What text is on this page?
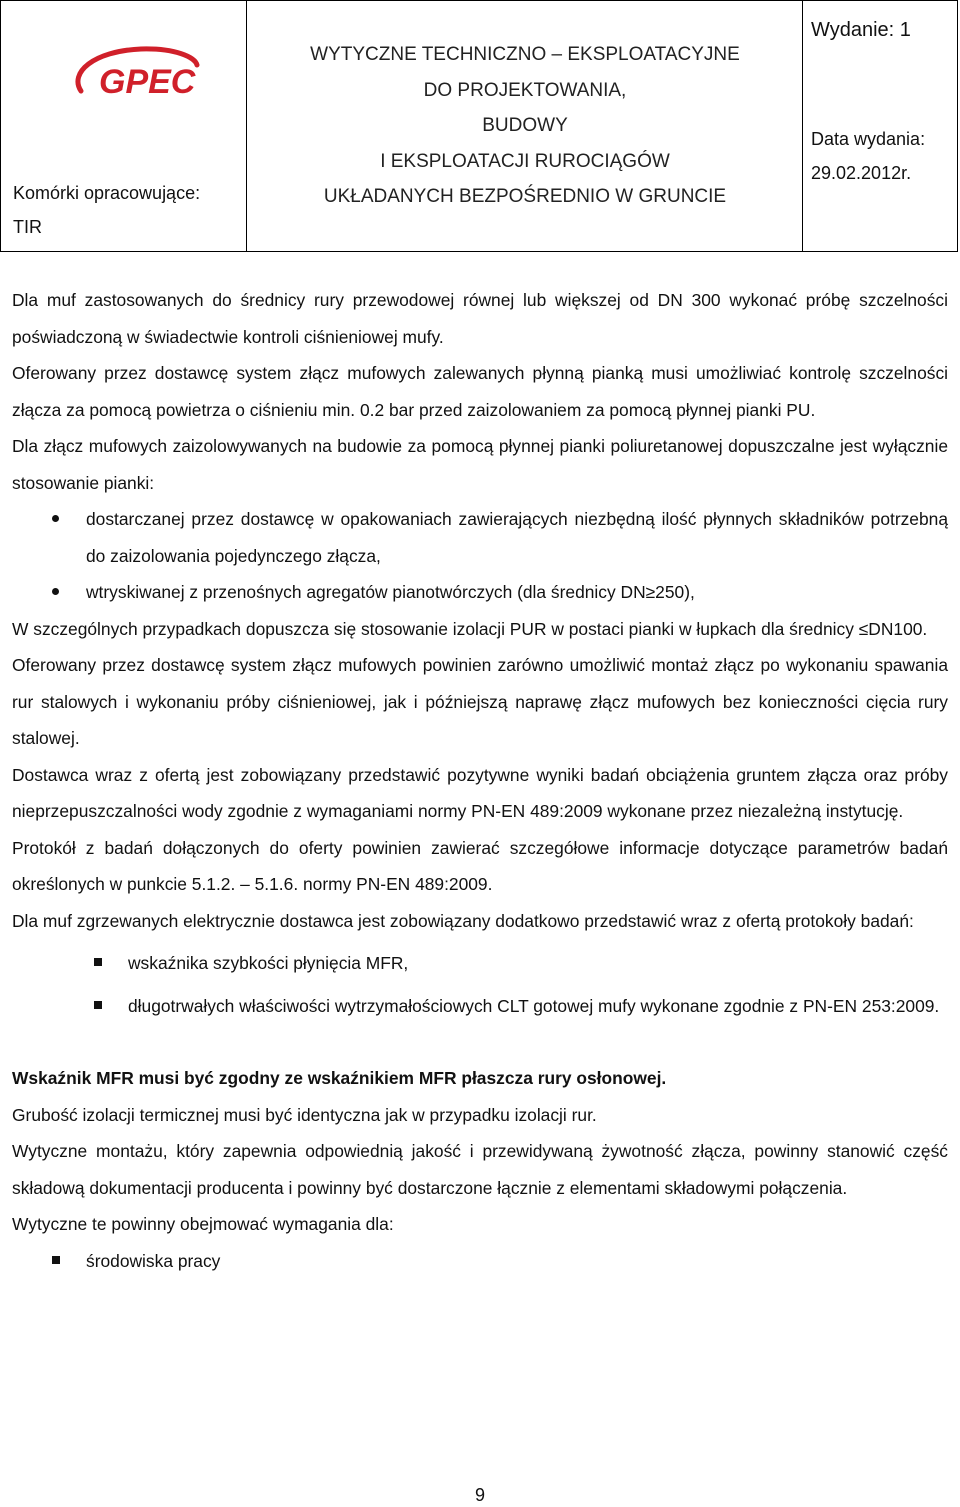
GPEC
Komórki opracowujące:
TIR
WYTYCZNE TECHNICZNO – EKSPLOATACYJNE
DO PROJEKTOWANIA,
BUDOWY
I EKSPLOATACJI RUROCIĄGÓW
UKŁADANYCH BEZPOŚREDNIO W GRUNCIE
Wydanie: 1
Data wydania:
29.02.2012r.

Dla muf zastosowanych do średnicy rury przewodowej równej lub większej od DN 300 wykonać próbę szczelności poświadczoną w świadectwie kontroli ciśnieniowej mufy.

Oferowany przez dostawcę system złącz mufowych zalewanych płynną pianką musi umożliwiać kontrolę szczelności złącza za pomocą powietrza o ciśnieniu min. 0.2 bar przed zaizolowaniem za pomocą płynnej pianki PU.

Dla złącz mufowych zaizolowywanych na budowie za pomocą płynnej pianki poliuretanowej dopuszczalne jest wyłącznie stosowanie pianki:

dostarczanej przez dostawcę w opakowaniach zawierających niezbędną ilość płynnych składników potrzebną do zaizolowania pojedynczego złącza,
wtryskiwanej z przenośnych agregatów pianotwórczych (dla średnicy DN≥250),

W szczególnych przypadkach dopuszcza się stosowanie izolacji PUR w postaci pianki w łupkach dla średnicy ≤DN100.

Oferowany przez dostawcę system złącz mufowych powinien zarówno umożliwić montaż złącz po wykonaniu spawania rur stalowych i wykonaniu próby ciśnieniowej, jak i późniejszą naprawę złącz mufowych bez konieczności cięcia rury stalowej.

Dostawca wraz z ofertą jest zobowiązany przedstawić pozytywne wyniki badań obciążenia gruntem złącza oraz próby nieprzepuszczalności wody zgodnie z wymaganiami normy PN-EN 489:2009 wykonane przez niezależną instytucję.

Protokół z badań dołączonych do oferty powinien zawierać szczegółowe informacje dotyczące parametrów badań określonych w punkcie 5.1.2. – 5.1.6. normy PN-EN 489:2009.

Dla muf zgrzewanych elektrycznie dostawca jest zobowiązany dodatkowo przedstawić wraz z ofertą protokoły badań:

wskaźnika szybkości płynięcia MFR,
długotrwałych właściwości wytrzymałościowych CLT gotowej mufy wykonane zgodnie z PN-EN 253:2009.

Wskaźnik MFR musi być zgodny ze wskaźnikiem MFR płaszcza rury osłonowej.

Grubość izolacji termicznej musi być identyczna jak w przypadku izolacji rur.

Wytyczne montażu, który zapewnia odpowiednią jakość i przewidywaną żywotność złącza, powinny stanowić część składową dokumentacji producenta i powinny być dostarczone łącznie z elementami składowymi połączenia.

Wytyczne te powinny obejmować wymagania dla:

środowiska pracy
9
